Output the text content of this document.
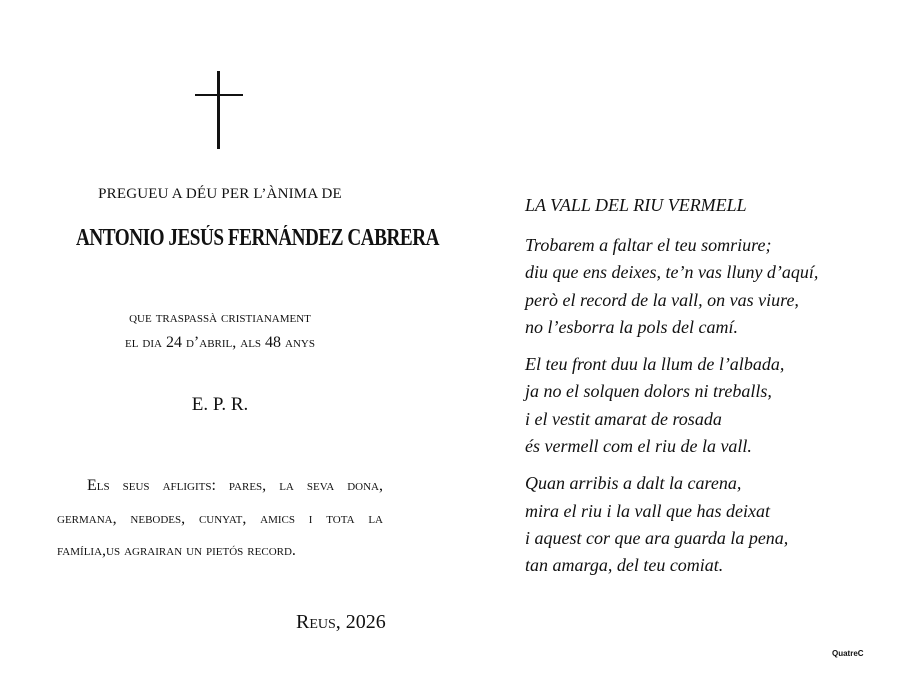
PREGUEU A DÉU PER L’ÀNIMA DE
ANTONIO JESÚS FERNÁNDEZ CABRERA
que traspassà cristianament
el dia 24 d’abril, als 48 anys
E. P. R.

Els seus afligits: pares, la seva dona, germana, nebodes, cunyat, amics i tota la família,us agrairan un pietós record.

Reus, 2026
LA VALL DEL RIU VERMELL
Trobarem a faltar el teu somriure;
diu que ens deixes, te’n vas lluny d’aquí,
però el record de la vall, on vas viure,
no l’esborra la pols del camí.
El teu front duu la llum de l’albada,
ja no el solquen dolors ni treballs,
i el vestit amarat de rosada
és vermell com el riu de la vall.
Quan arribis a dalt la carena,
mira el riu i la vall que has deixat
i aquest cor que ara guarda la pena,
tan amarga, del teu comiat.
QuatreC
